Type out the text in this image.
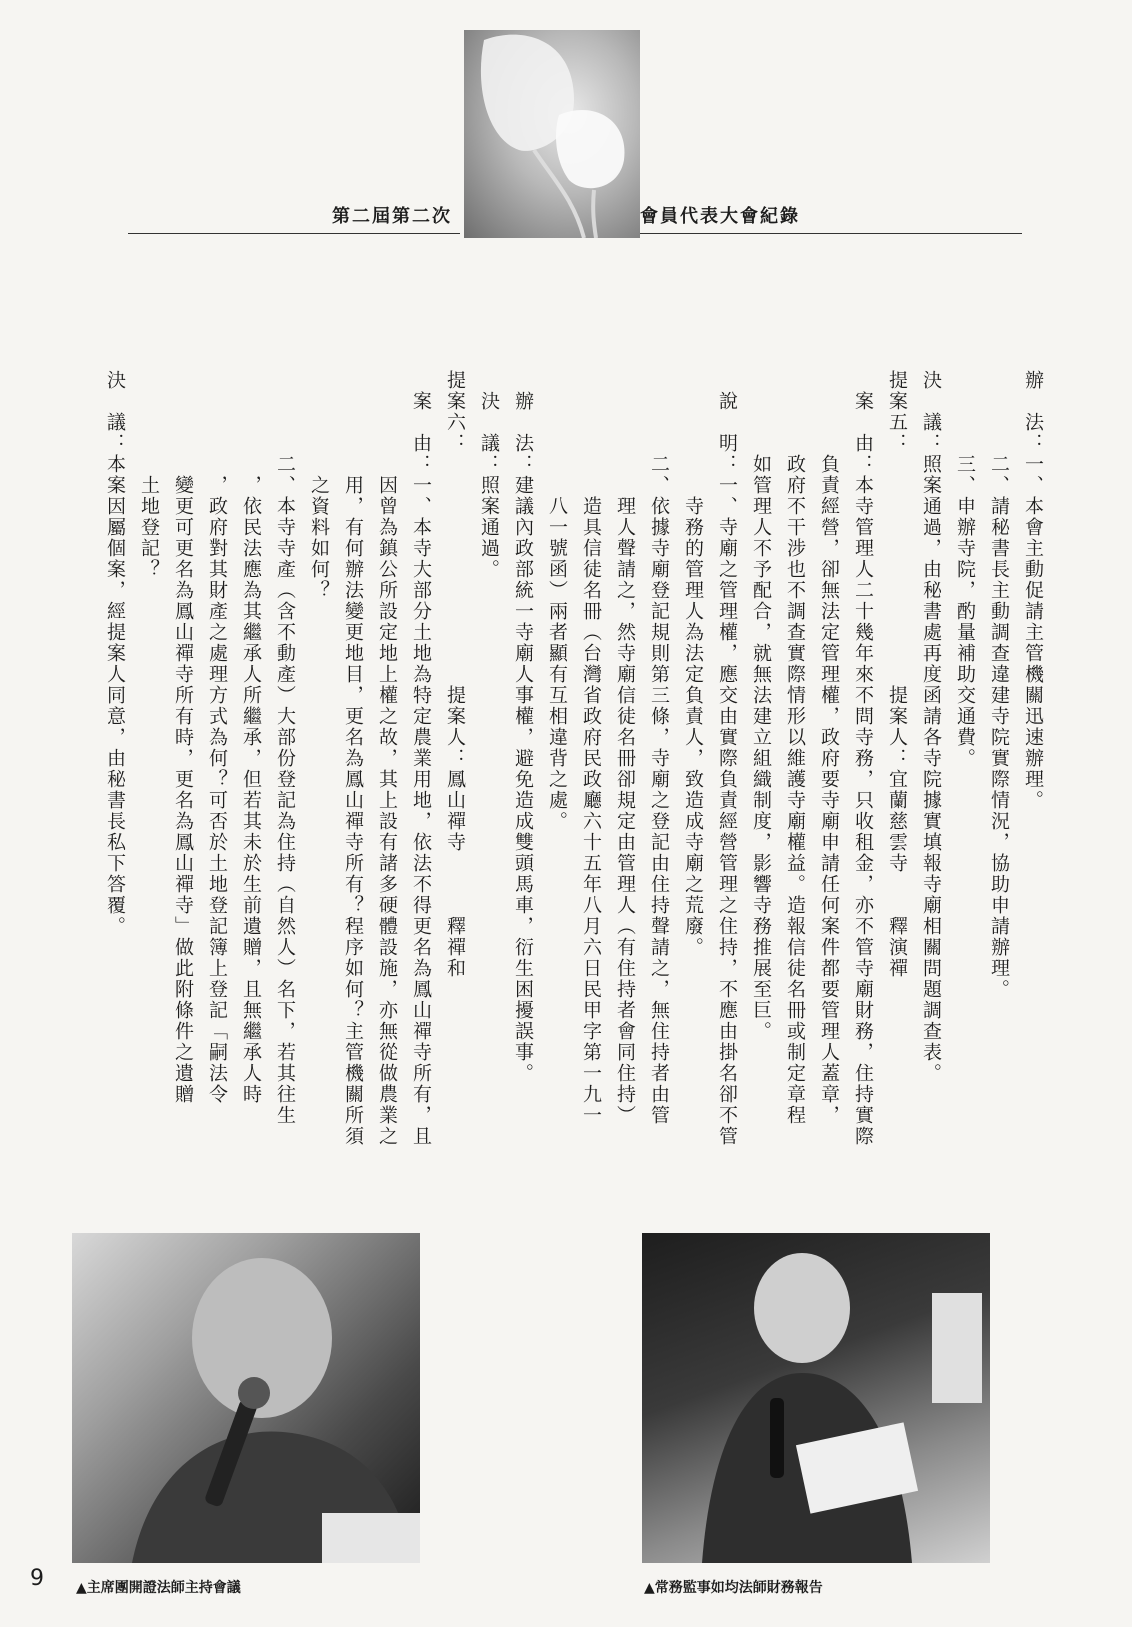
第二屆第二次	會員代表大會紀錄

辦　法：一、本會主動促請主管機關迅速辦理。

　　　　二、請秘書長主動調查違建寺院實際情況，協助申請辦理。

　　　　三、申辦寺院，酌量補助交通費。

決　議：照案通過，由秘書處再度函請各寺院據實填報寺廟相關問題調查表。

提案五：　　　　　　　　　　　提案人：宜蘭慈雲寺　　釋演禪

　案　由：本寺管理人二十幾年來不問寺務，只收租金，亦不管寺廟財務，住持實際

　　　　負責經營，卻無法定管理權，政府要寺廟申請任何案件都要管理人蓋章，

　　　　政府不干涉也不調查實際情形以維護寺廟權益。造報信徒名冊或制定章程

　　　　如管理人不予配合，就無法建立組織制度，影響寺務推展至巨。

　說　明：一、寺廟之管理權，應交由實際負責經營管理之住持，不應由掛名卻不管

　　　　　　寺務的管理人為法定負責人，致造成寺廟之荒廢。

　　　　二、依據寺廟登記規則第三條，寺廟之登記由住持聲請之，無住持者由管

　　　　　　理人聲請之，然寺廟信徒名冊卻規定由管理人（有住持者會同住持）

　　　　　　造具信徒名冊（台灣省政府民政廳六十五年八月六日民甲字第一九一

　　　　　　八一號函）兩者顯有互相違背之處。

　辦　法：建議內政部統一寺廟人事權，避免造成雙頭馬車，衍生困擾誤事。

　決　議：照案通過。

提案六：　　　　　　　　　　　提案人：鳳山禪寺　　　釋禪和

　案　由：一、本寺大部分土地為特定農業用地，依法不得更名為鳳山禪寺所有，且

　　　　　因曾為鎮公所設定地上權之故，其上設有諸多硬體設施，亦無從做農業之

　　　　　用，有何辦法變更地目，更名為鳳山禪寺所有？程序如何？主管機關所須

　　　　　之資料如何？

　　　　二、本寺寺產（含不動產）大部份登記為住持（自然人）名下，若其往生

　　　　　，依民法應為其繼承人所繼承，但若其未於生前遺贈，且無繼承人時

　　　　　，政府對其財產之處理方式為何？可否於土地登記簿上登記「嗣法令

　　　　　變更可更名為鳳山禪寺所有時，更名為鳳山禪寺」做此附條件之遺贈

　　　　　土地登記？

決　議：本案因屬個案，經提案人同意，由秘書長私下答覆。

▲主席團開證法師主持會議	▲常務監事如均法師財務報告
9
